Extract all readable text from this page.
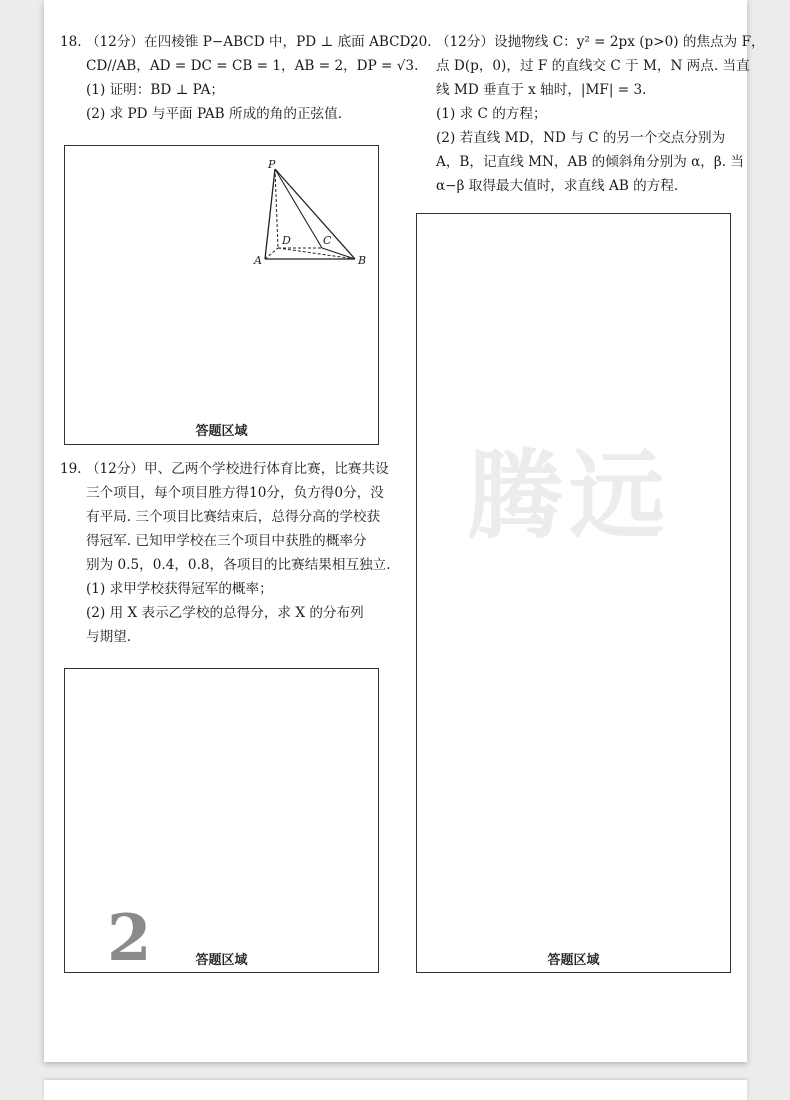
18. （12分）在四棱锥 P−ABCD 中，PD ⊥ 底面 ABCD，

CD//AB，AD = DC = CB = 1，AB = 2，DP = √3.

(1) 证明：BD ⊥ PA；

(2) 求 PD 与平面 PAB 所成的角的正弦值.

P
A	B
C
D
答题区域

19. （12分）甲、乙两个学校进行体育比赛，比赛共设

三个项目，每个项目胜方得10分，负方得0分，没

有平局. 三个项目比赛结束后，总得分高的学校获

得冠军. 已知甲学校在三个项目中获胜的概率分

别为 0.5，0.4，0.8，各项目的比赛结果相互独立.

(1) 求甲学校获得冠军的概率；

(2) 用 X 表示乙学校的总得分，求 X 的分布列

与期望.

2	答题区域

20. （12分）设抛物线 C：y² = 2px (p>0) 的焦点为 F，

点 D(p，0)，过 F 的直线交 C 于 M，N 两点. 当直

线 MD 垂直于 x 轴时，|MF| = 3.

(1) 求 C 的方程；

(2) 若直线 MD，ND 与 C 的另一个交点分别为

A，B，记直线 MN，AB 的倾斜角分别为 α，β. 当

α−β 取得最大值时，求直线 AB 的方程.

腾远
答题区域
